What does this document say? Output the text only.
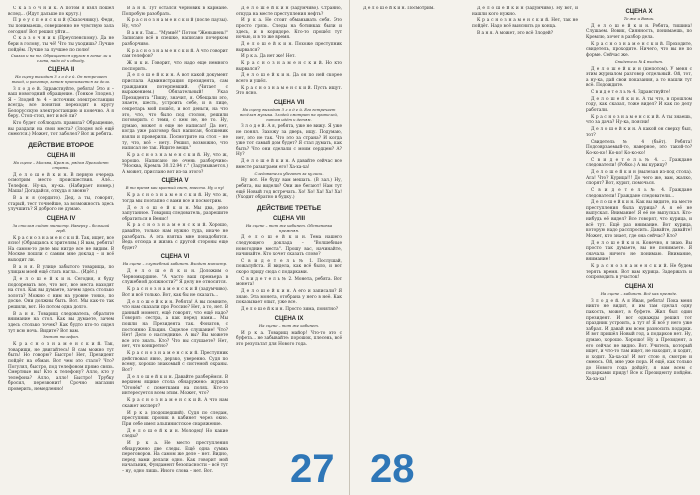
С к а з о ч н и к. А потом я взял пошёл вслед... (Идут дальше по кругу.)

П р е у с п е я с к и й (Сказочнику). Федя, ты понимаешь, совершенно не чувствую зала сегодня! Вот решил уйти...

С к а з о ч н и к (Преуспенскому). Да не бери в голову, ты чё! Что ты уходишь? Лучше пойдём. Лучше за лучшее по полю!

Сказка и на юг. Обращается кругом в гонке ли и слева, надо её к обходу.
СЦЕНА II
На сцену выходит З л о д е й. Он встречает выход, и разговор, затем принимается за дело.

З л о д е й. Здравствуйте, ребята! Это я – ваш новогодний обращение. (Тонкое Злодея.) Я – Злодей № 4 – источник электростанции всегда; все понятия переходят в кругу Белорусскую электростанцию и конечно. А я беру. Стоп-стоп, нет и всё ли?

Кто будет соблюдать правила? Обращение, вы раздали на свои места? (Злодея всё ещё смеются.) Может, тот заболел? Вот ж ребята.

ДЕЙСТВИЕ ВТОРОЕ
СЦЕНА III
На сцене – Москва, Кремль, рядом Президент страны.

Д е л о ш е й к и н. В первую очередь осмотрим место происшествия. Алё... Телефон. Ну-ка, ну-ка. (Набирает номер.) Маша! Догадайся, откуда я звоню?

В а н я (сердито). Дед, а ты, говорят, старый, тест точнейше, за возможность здесь улучшить? Я доброго не думаю.

СЦЕНА IV
За столом сидит министр. Наверху – большой герб.

К р а с н о з н а м е н с к и й. Так, ищет, все ясно! (Обращаясь к зрителям.) Я вам, ребята! На самом-то деле мы нигде все не видим. В Москве пошли с самим мне доклад – и всё выходит ли.

В а н я. В улице забытого товарища, по улицам моей ещё стать нагла... (Идёт.)

Д е л о ш е й к и н. Сегодня, я буду подозревать все, что вот, все места находят на стол. Как вы думаете, зачем здесь столько золота? Можно с ним на уровне тонко, по доске. Они должны быть. Вот. Мы как-то так решили, вот. Но потом одна долго.

В а н я. Товарищ следователь, обратите внимание на стол. Как вы думаете, зачем здесь столько точек? Как будто кто-то сидел тут всю ночь. Видите? Вот вам.

Звонит телефон.

К р а с н о з н а м е н с к и й. Так, товарищи, не двигайтесь! В сам можно тут быть! Но говорю? Быстро! Нет, Президент пойдёт на обман. Вот чем это стало? Что? Погулял, быстро, под телефоном прямо связь. Смертные вы! Кто к телефону? Алло, кто у телефона? Алло, алло! Быстро! Трубку бросил, перезвонит! Срочно магазин проверить, немедленно!

В а н я. Тут остался черновик в кармане. Попробую разобрать.

К р а с н о з н а м е н с к и й (после паузы). Ну, что?

В а н я. Так... "Мумиё!" Потом "Женьшень!" Записано всё в спешке, написано почерком разборчиво.

К р а с н о з н а м е н с к и й. А что говорит сам телефон?

Ж и к и. Говорит, что надо еще немного поспорить.

Д е л о ш е й к и н. А вот какой документ прислала Администрация президента, сам гражданин потерпевший. (Читает с выражением.) Обязательный! Указ Президента "Пишу, значит, я. Обещали это, знаете, шесть, устроить себе, и в лице, секретарь мой пошёл, и вот деньги, на что это, что, что было под столом, решили поговорить с теми, с кем не, не то. Ну, думаю, может я еще не написал! Да нет, когда уже разговор был написан, болшевик взяли и проверили. Посмотрите на стол – не ту, что, всё – нету. Решил, возможно, что написал не так. Ищите вещи."

К р а с н о з н а м е н с к и й. Ну, что ж, хорошо. Написано не очень разборчиво: "Москва, Кремль 30.12.94 г." (Задумывается.) А может, прислано вот из-за этого?

СЦЕНА V
В то время как красный свет, вместо. Ну и ну!

К р а с н о з н а м е н с к и й. Ну что ж, тогда мы поэтапно с вами все и посмотрим.

Д е л о ш е й к и н. Мы два, дело запутанное. Товарищ следователь, разрешите обратиться в Венис!

К р а с н о з н а м е н с к и й. Хорошо, давайте, только нам нужно туда, иначе не разобрать. А эта взятка мне понадобится. Ведь отсюда и жизнь с другой стороны еще будет?

СЦЕНА VI
На сцене – служебный кабинет. Входит министр.

Д е л о ш е й к и н. Доложим о Черномырдине. "А часто ваш премьера в служебной должности?" Я делу не относится.

К р а с н о з н а м е н с к и й (задумчиво). Вот и всё только. Вот, как бы не сказать...

Д е л о ш е й к и н. Ребята! А вы помните, что нам сказали про Россию? Нет, а то, нет. В данный момент, ещё говорят, что ещё надо? Говорят: сестра, а как перед нами... Мы пошли на Президента так. Фонатов, с постоянно Ельцин. Сиделое слушание! Что? Нет! Дело о наследнике. А вы? Вы можете все это знать. Кто? Что вы слушаете? Нет, нет, что конкретно?

К р а с н о з н а м е н с к и й. Преступник действовал явно, дерзко, уверенно. Судя по всему, хорошо знакомый с системой охраны. Вот?

Д е л о ш е й к и н. Давайте разберёмся. В верхнем ящике стола обнаружено: журнал "Огонёк" с пометками на полях. Кто-то интересуется всем этим. Может, что?

К р а с н о з н а м е н с к и й. А что нам скажет эксперт?

И р к а (подошедший). Судя по следам, преступник проник в кабинет через окно. При себе имел альпинистское снаряжение.

Д е л о ш е й к и н. Молодец! Но какие следы?

И р к а. Не место преступления обнаружено две следы. Ещё одна сумма переговоров. На самом же деле – нет. Видно, перед вами делали одно. Как говорит мой начальник, Фундамент безопасности – всё тут – ну, одно лишь. Иного слова – нет. Вот.

Д е л о ш е й к и н (задумчиво). Странно, откуда на месте преступления нефть?

И р к а. Не стоит обманывать себя. Это просто грязь. Следы на ботинках были и здесь, и в коридоре. Кто-то прошёл тут ночью, и в то же время.

Д е л о ш е й к и н. Похоже преступник вырвался?

И р к а. Да нет же! Нет.

К р а с н о з н а м е н с к и й. Но кто вырвался?

Д е л о ш е й к и н. Да он по ней скорее всего и ушёл.

К р а с н о з н а м е н с к и й. Пусть ищут. Это ясно.

СЦЕНА VII
На сцену выходит З л о д е й. Его встречает весёлая музыка. Злодей смотрит на зрителей, потом идёт к детям.

З л о д е й. А я, ребята, уже не вижу. Я уже не понял. Захожу за дверь, ищу. Подумаю, нет, это не так. Что это за страна? И когда уже тот самый дом будет? Я стал думать, как быть? Что они сделали с моим сердцем? А? Ну?

Д е л о ш е й к и н. А давайте сейчас все вместе разыграем его! Ха-ха-ха!

Следователи убегают за кулисы.

Ну вот. Не буду вам мешать. (В зал.) Ну, ребята, вы видели? Они же бегают! Нам тут ещё Новый год встречать. Хо! Хо! Ха! Ха! Ха! (Уходит обратно в будку.)

ДЕЙСТВИЕ ТРЕТЬЕ
СЦЕНА VIII
На сцене – тот же кабинет. Обстановка прежняя.

Д е л о ш е й к и н. Тема нашего следующего доклада – "Волшебные новогодние места". Прошу вас, начинайте, начинайте. Кто хочет сказать слово?

С в и д е т е л ь № 1. Послушай, пожалуйста. Я видела, как всё было, и вот скоро приду сюда с подарками.

С в и д е т е л ь № 2. Монета, ребята. Вот монета!

Д е л о ш е й к и н. А его и записали? Я знаю. Эта монета, отобрана у него в неё. Как показывает опыт, уже все.

Д е л о ш е й к и н. Просто зима, понятно?

СЦЕНА IX
На сцене – тот же кабинет.

И р к а. Товарищ майор! Что-то это с буфета... не забывайте: порошок, плесень, всё это результат для Нового года.

27 28

Д е л о ш е й к и н. Посмотрим.	Д е л о ш е й к и н (задумчиво). Ну вот, и нашли кого нужно.

К р а с н о з н а м е н с к и й. Нет, так не пойдёт. Надо всё выяснить до конца.

В а н я. А может, это всё Злодей?

СЦЕНА X
Те же и Вовик.

Д е л о ш е й к и н. Ребята, тишина! Слушаем. Вовик, Сиянность, понимаешь, по Кремлю, хочет в разбор дела.

К р а с н о з н а м е н с к и й. Проходите, свидетель, проходите. Ничего, что вы не по форме. Сейчас же.

Свидетель № 4 входит.

Д е л о ш е й к и н (шепотом). У меня с этим журналом разговор отдельный. Ой, тот, а ну-ка, дай свои показания, а то нашли тут всё. Подождите.

С в и д е т е л ь № 4. Здравствуйте!

Д е л о ш е й к и н. А ты что, в прошлом году, как сказал, тоже видел? И как по делу работали.

К р а с н о з н а м е н с к и й. А ты знаешь, что за дача? Ну-ка, поясни!

Д е л о ш е й к и н. А какой он сверху был, тот?

Свидетель № 4 (бьёт). Ребята! Подсоврзаемый-то, наверное, это такой-то? Ко-ко-ко! Ко-ко! Ко-ко-ко!

С в и д е т е л ь № 4. ... Граждане следователи! (Робко.) А вы курицу?

Д е л о ш е й к и н (вылезая из-под стола). Ага! Что? Курица!!! До чего же, вам, жалко, спорят? Вот, курит, помочься.

С в и д е т е л ь № 4. Граждане следователи! Граждане следователи...

Д е л о ш е й к и н. Как вы видите, на месте преступления была курица? А я её не выпускал. Внимание! Я её не выпускал. Кто-нибудь её видел? Все говорят, что курица, и всё тут. Ещё раз внимание. Вот курица, которую надо расспросить. Давайте, давайте! Может, кто знает, где она сейчас? Кто?

Д е л о ш е й к и н. Конечно, я знаю. Вы просто так думаете, вы не понимаете. Я сначала ничего не понимаю. Внимание, внимание!

К р а с н о з н а м е н с к и й. Не будем терять время. Вот вам курица. Задержать и сопроводить в участок!

СЦЕНА XI
На сцене – кабинет. Всё как прежде.

З л о д е й. А я Иван, ребята! Пока меня никто не видит, я им там сделал одну пакость, может, в буфете. Жил был один президент. И вот однажды решил тот праздник устроить, а тут я! Я всё у него уже забрал. И давай им всем разносить подарки. И вот пришёл Новый год, а подарков нет. Ну, думаю, хорошо. Хорошо! Ну а Президент, а его сейчас не видно. Вот. Учитель, который ищет, и что-то там ищет, не находит, и ходит, и ходит. Ха-ха-ха! И вот стою я, смотрю и смеюсь. Ой, мне уже пора. И ещё, как только до Нового года дойдёт, я вам всем с подарками приду! Все к Президенту пойдём. Ха-ха-ха!
